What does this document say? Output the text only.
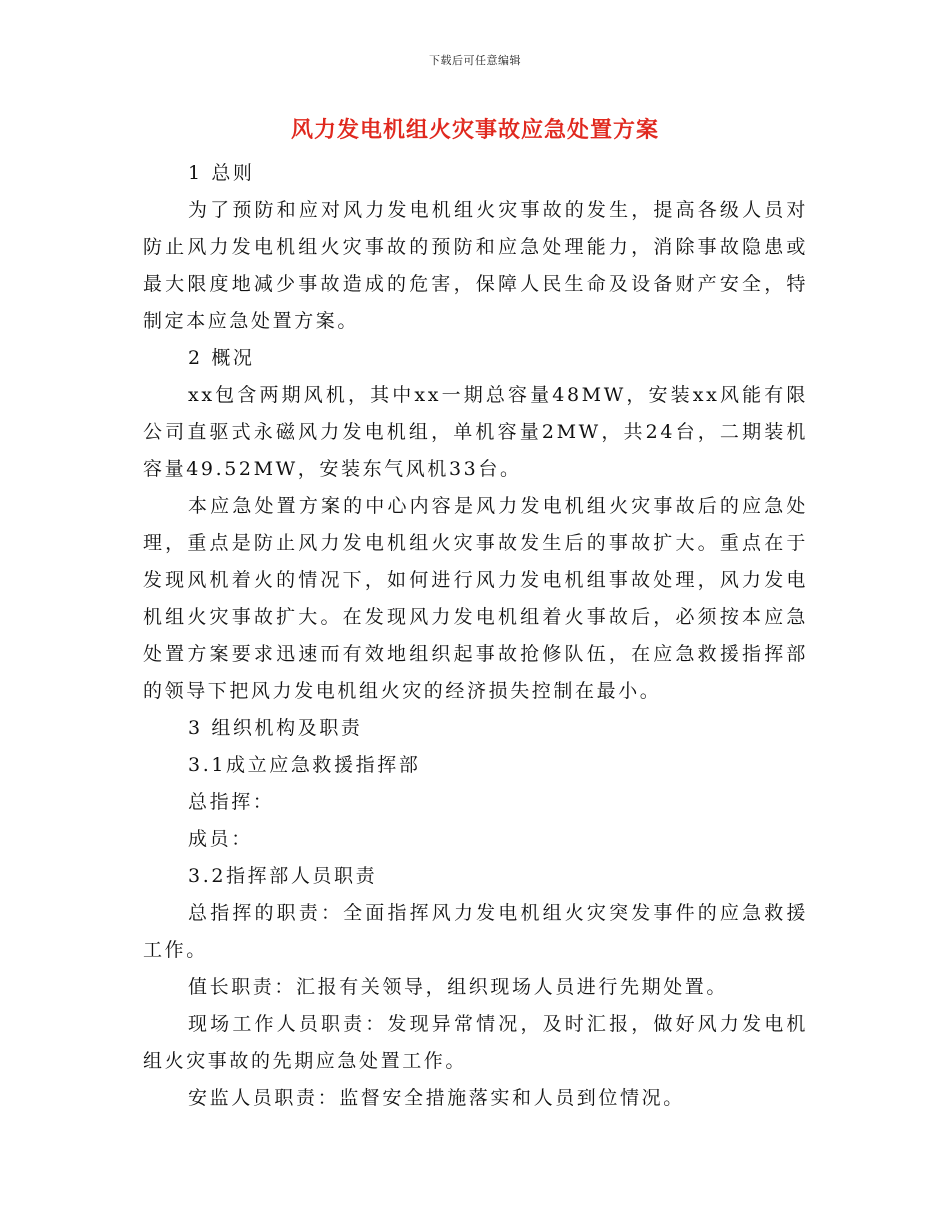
下载后可任意编辑
风力发电机组火灾事故应急处置方案

1 总则

为了预防和应对风力发电机组火灾事故的发生，提高各级人员对防止风力发电机组火灾事故的预防和应急处理能力，消除事故隐患或最大限度地减少事故造成的危害，保障人民生命及设备财产安全，特制定本应急处置方案。

2 概况

xx包含两期风机，其中xx一期总容量48MW，安装xx风能有限公司直驱式永磁风力发电机组，单机容量2MW，共24台，二期装机容量49.52MW，安装东气风机33台。

本应急处置方案的中心内容是风力发电机组火灾事故后的应急处理，重点是防止风力发电机组火灾事故发生后的事故扩大。重点在于发现风机着火的情况下，如何进行风力发电机组事故处理，风力发电机组火灾事故扩大。在发现风力发电机组着火事故后，必须按本应急处置方案要求迅速而有效地组织起事故抢修队伍，在应急救援指挥部的领导下把风力发电机组火灾的经济损失控制在最小。

3 组织机构及职责

3.1成立应急救援指挥部

总指挥：

成员：

3.2指挥部人员职责

总指挥的职责：全面指挥风力发电机组火灾突发事件的应急救援工作。

值长职责：汇报有关领导，组织现场人员进行先期处置。

现场工作人员职责：发现异常情况，及时汇报，做好风力发电机组火灾事故的先期应急处置工作。

安监人员职责：监督安全措施落实和人员到位情况。
